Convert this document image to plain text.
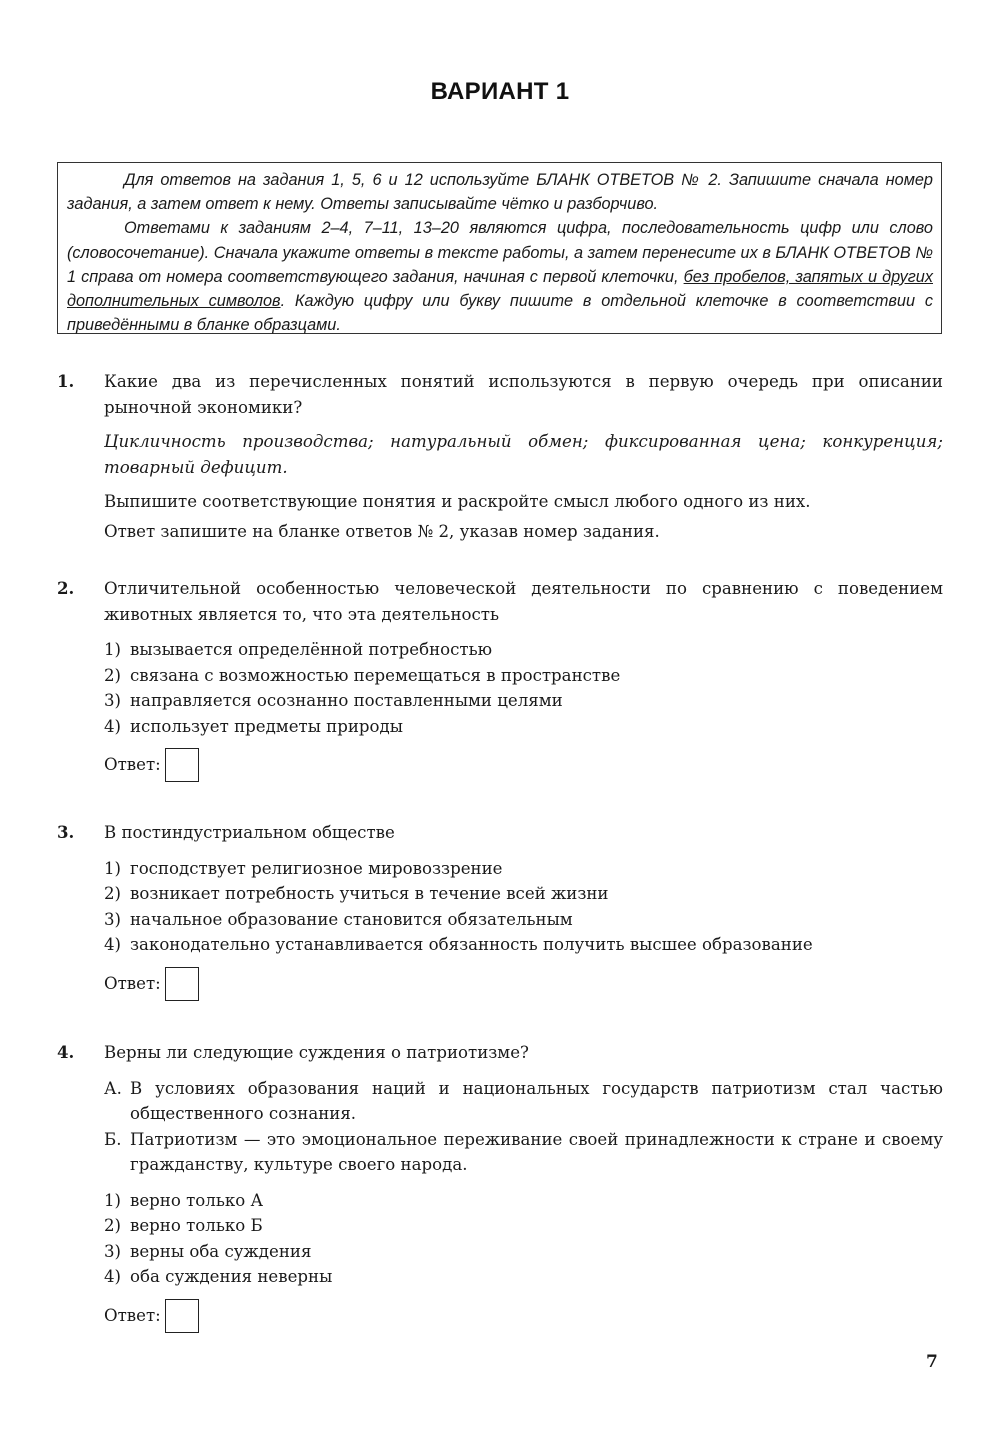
ВАРИАНТ 1

Для ответов на задания 1, 5, 6 и 12 используйте БЛАНК ОТВЕТОВ № 2. Запишите сначала номер задания, а затем ответ к нему. Ответы записывайте чётко и разборчиво.

Ответами к заданиям 2–4, 7–11, 13–20 являются цифра, последовательность цифр или слово (словосочетание). Сначала укажите ответы в тексте работы, а затем перенесите их в БЛАНК ОТВЕТОВ № 1 справа от номера соответствующего задания, начиная с первой клеточки, без пробелов, запятых и других дополнительных символов. Каждую цифру или букву пишите в отдельной клеточке в соответствии с приведёнными в бланке образцами.

1. Какие два из перечисленных понятий используются в первую очередь при описании рыночной экономики?

Цикличность производства; натуральный обмен; фиксированная цена; конкуренция; товарный дефицит.

Выпишите соответствующие понятия и раскройте смысл любого одного из них.

Ответ запишите на бланке ответов № 2, указав номер задания.

2. Отличительной особенностью человеческой деятельности по сравнению с поведением животных является то, что эта деятельность

1) вызывается определённой потребностью
2) связана с возможностью перемещаться в пространстве
3) направляется осознанно поставленными целями
4) использует предметы природы
Ответ:
3. В постиндустриальном обществе

1) господствует религиозное мировоззрение
2) возникает потребность учиться в течение всей жизни
3) начальное образование становится обязательным
4) законодательно устанавливается обязанность получить высшее образование
Ответ:
4. Верны ли следующие суждения о патриотизме?

А. В условиях образования наций и национальных государств патриотизм стал частью общественного сознания.
Б. Патриотизм — это эмоциональное переживание своей принадлежности к стране и своему гражданству, культуре своего народа.
1) верно только А
2) верно только Б
3) верны оба суждения
4) оба суждения неверны
Ответ:
7
